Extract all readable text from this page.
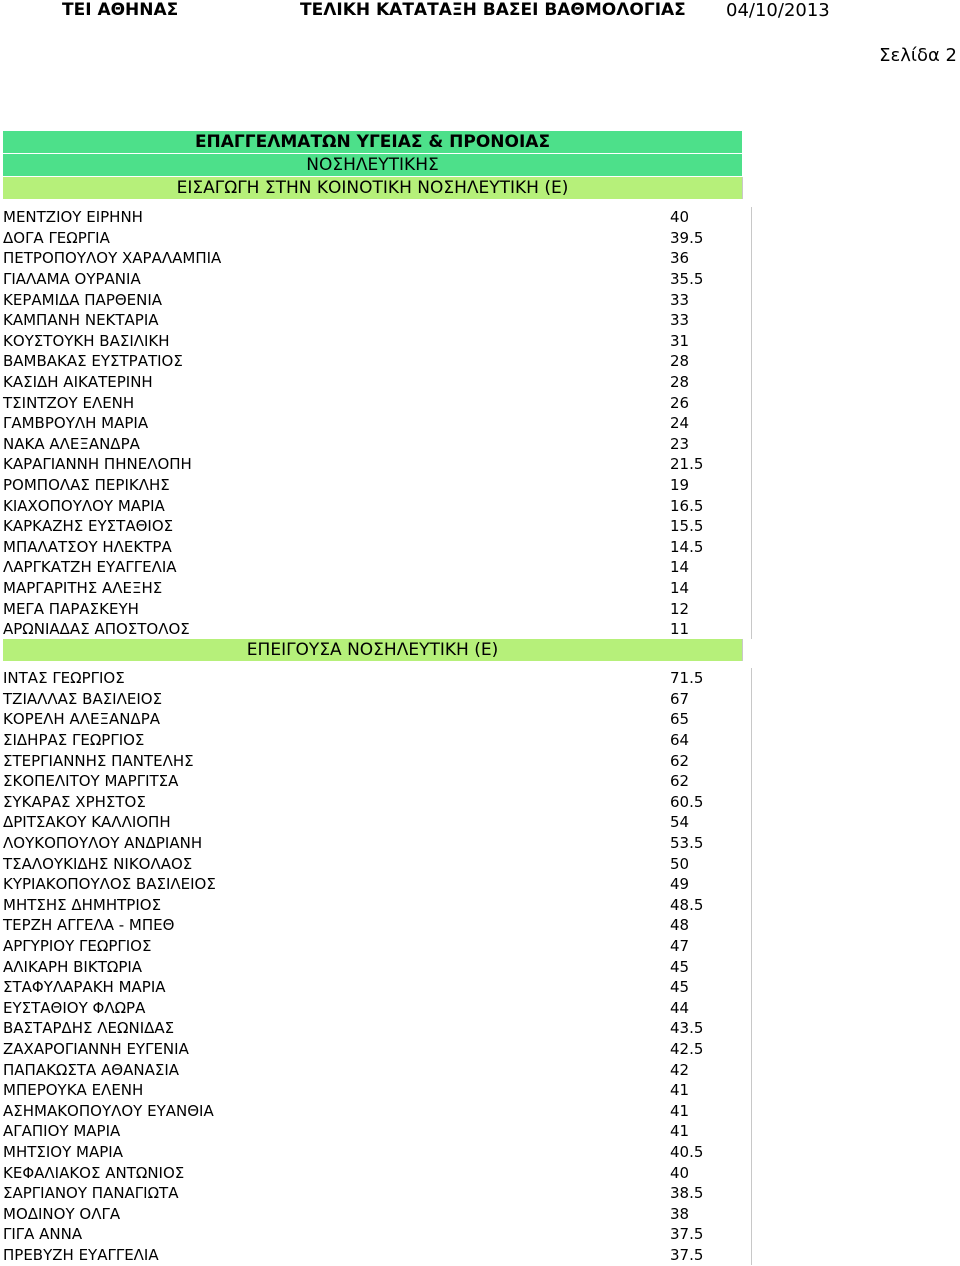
ΤΕΙ ΑΘΗΝΑΣ	ΤΕΛΙΚΗ ΚΑΤΑΤΑΞΗ ΒΑΣΕΙ ΒΑΘΜΟΛΟΓΙΑΣ 04/10/2013
Σελίδα 2
ΕΠΑΓΓΕΛΜΑΤΩΝ ΥΓΕΙΑΣ & ΠΡΟΝΟΙΑΣ
ΝΟΣΗΛΕΥΤΙΚΗΣ
ΕΙΣΑΓΩΓΗ ΣΤΗΝ ΚΟΙΝΟΤΙΚΗ ΝΟΣΗΛΕΥΤΙΚΗ (Ε)
ΜΕΝΤΖΙΟΥ ΕΙΡΗΝΗ	40
ΔΟΓΑ ΓΕΩΡΓΙΑ	39.5
ΠΕΤΡΟΠΟΥΛΟΥ ΧΑΡΑΛΑΜΠΙΑ	36
ΓΙΑΛΑΜΑ ΟΥΡΑΝΙΑ	35.5
ΚΕΡΑΜΙΔΑ ΠΑΡΘΕΝΙΑ	33
ΚΑΜΠΑΝΗ ΝΕΚΤΑΡΙΑ	33
ΚΟΥΣΤΟΥΚΗ ΒΑΣΙΛΙΚΗ	31
ΒΑΜΒΑΚΑΣ ΕΥΣΤΡΑΤΙΟΣ	28
ΚΑΣΙΔΗ ΑΙΚΑΤΕΡΙΝΗ	28
ΤΣΙΝΤΖΟΥ ΕΛΕΝΗ	26
ΓΑΜΒΡΟΥΛΗ ΜΑΡΙΑ	24
ΝΑΚΑ ΑΛΕΞΑΝΔΡΑ	23
ΚΑΡΑΓΙΑΝΝΗ ΠΗΝΕΛΟΠΗ	21.5
ΡΟΜΠΟΛΑΣ ΠΕΡΙΚΛΗΣ	19
ΚΙΑΧΟΠΟΥΛΟΥ ΜΑΡΙΑ	16.5
ΚΑΡΚΑΖΗΣ ΕΥΣΤΑΘΙΟΣ	15.5
ΜΠΑΛΑΤΣΟΥ ΗΛΕΚΤΡΑ	14.5
ΛΑΡΓΚΑΤΖΗ ΕΥΑΓΓΕΛΙΑ	14
ΜΑΡΓΑΡΙΤΗΣ ΑΛΕΞΗΣ	14
ΜΕΓΑ ΠΑΡΑΣΚΕΥΗ	12
ΑΡΩΝΙΑΔΑΣ ΑΠΟΣΤΟΛΟΣ	11
ΕΠΕΙΓΟΥΣΑ ΝΟΣΗΛΕΥΤΙΚΗ (Ε)
ΙΝΤΑΣ ΓΕΩΡΓΙΟΣ	71.5
ΤΖΙΑΛΛΑΣ ΒΑΣΙΛΕΙΟΣ	67
ΚΟΡΕΛΗ ΑΛΕΞΑΝΔΡΑ	65
ΣΙΔΗΡΑΣ ΓΕΩΡΓΙΟΣ	64
ΣΤΕΡΓΙΑΝΝΗΣ ΠΑΝΤΕΛΗΣ	62
ΣΚΟΠΕΛΙΤΟΥ ΜΑΡΓΙΤΣΑ	62
ΣΥΚΑΡΑΣ ΧΡΗΣΤΟΣ	60.5
ΔΡΙΤΣΑΚΟΥ ΚΑΛΛΙΟΠΗ	54
ΛΟΥΚΟΠΟΥΛΟΥ ΑΝΔΡΙΑΝΗ	53.5
ΤΣΑΛΟΥΚΙΔΗΣ ΝΙΚΟΛΑΟΣ	50
ΚΥΡΙΑΚΟΠΟΥΛΟΣ ΒΑΣΙΛΕΙΟΣ	49
ΜΗΤΣΗΣ ΔΗΜΗΤΡΙΟΣ	48.5
ΤΕΡΖΗ ΑΓΓΕΛΑ - ΜΠΕΘ	48
ΑΡΓΥΡΙΟΥ ΓΕΩΡΓΙΟΣ	47
ΑΛΙΚΑΡΗ ΒΙΚΤΩΡΙΑ	45
ΣΤΑΦΥΛΑΡΑΚΗ ΜΑΡΙΑ	45
ΕΥΣΤΑΘΙΟΥ ΦΛΩΡΑ	44
ΒΑΣΤΑΡΔΗΣ ΛΕΩΝΙΔΑΣ	43.5
ΖΑΧΑΡΟΓΙΑΝΝΗ ΕΥΓΕΝΙΑ	42.5
ΠΑΠΑΚΩΣΤΑ ΑΘΑΝΑΣΙΑ	42
ΜΠΕΡΟΥΚΑ ΕΛΕΝΗ	41
ΑΣΗΜΑΚΟΠΟΥΛΟΥ ΕΥΑΝΘΙΑ	41
ΑΓΑΠΙΟΥ ΜΑΡΙΑ	41
ΜΗΤΣΙΟΥ ΜΑΡΙΑ	40.5
ΚΕΦΑΛΙΑΚΟΣ ΑΝΤΩΝΙΟΣ	40
ΣΑΡΓΙΑΝΟΥ ΠΑΝΑΓΙΩΤΑ	38.5
ΜΟΔΙΝΟΥ ΟΛΓΑ	38
ΓΙΓΑ ΑΝΝΑ	37.5
ΠΡΕΒΥΖΗ ΕΥΑΓΓΕΛΙΑ	37.5
